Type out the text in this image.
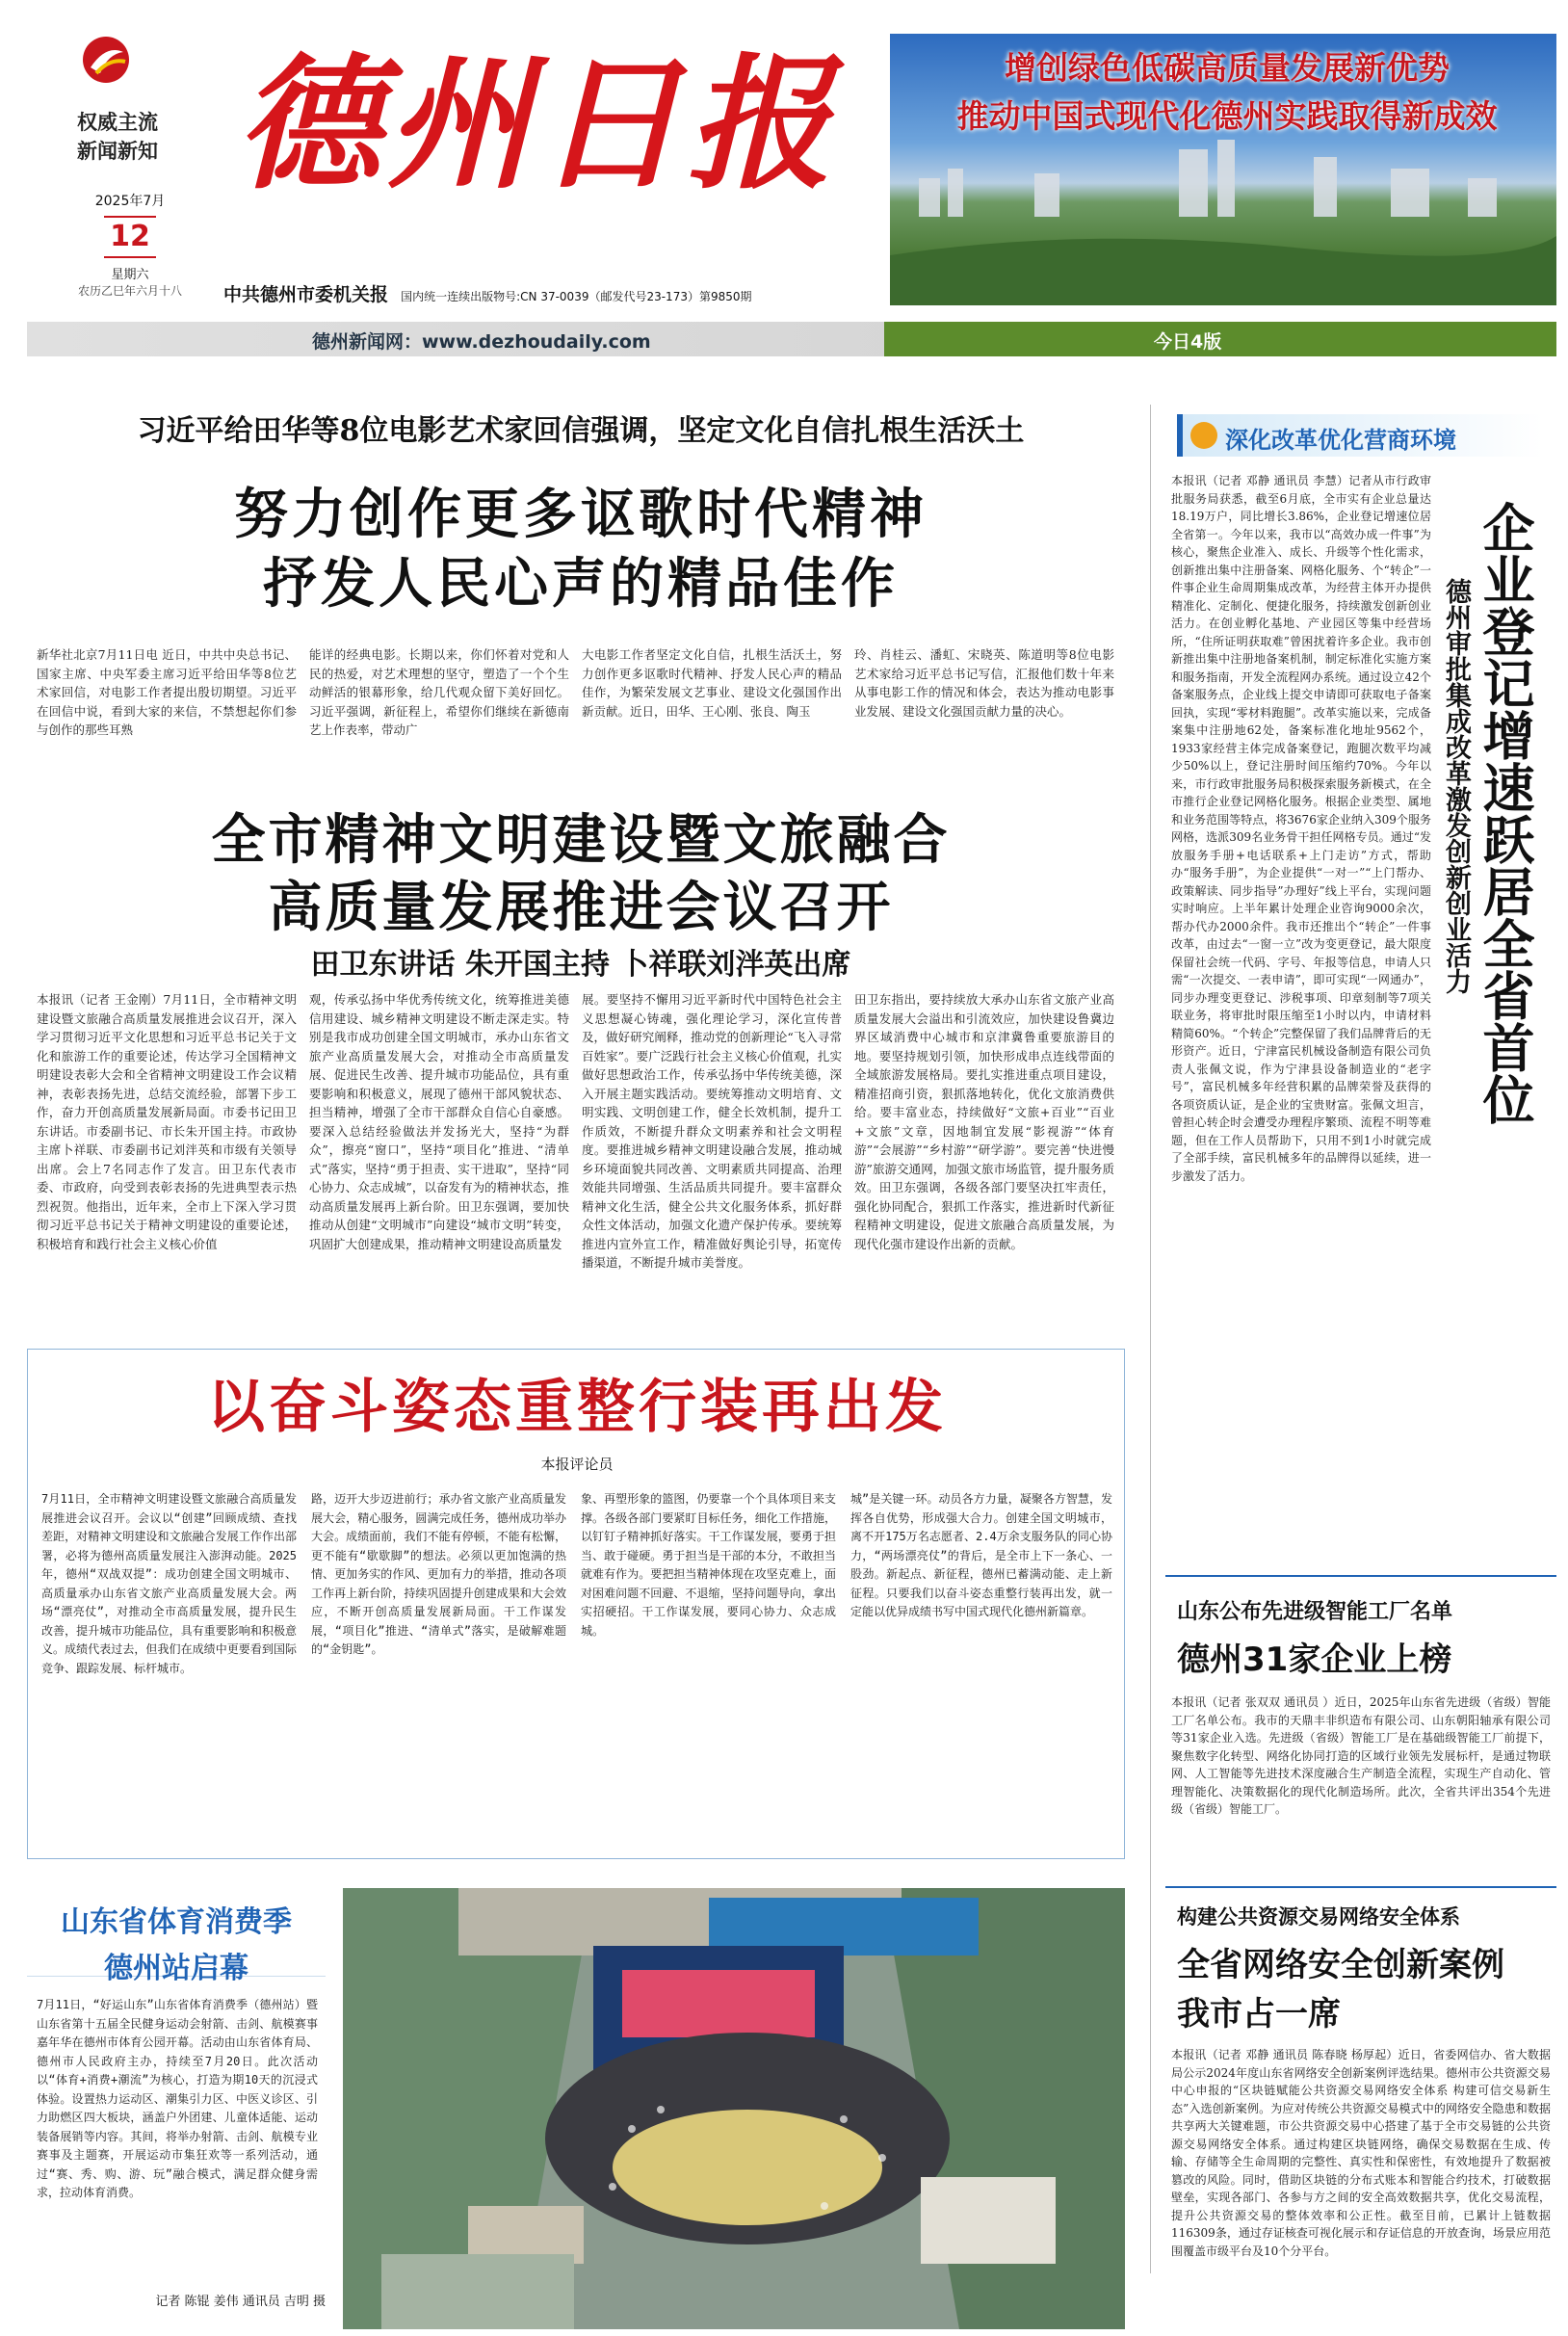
权威主流
新闻新知 德州日报
2025年7月
12
星期六
农历乙巳年六月十八	中共德州市委机关报 国内统一连续出版物号:CN 37-0039（邮发代号23-173）第9850期
增创绿色低碳高质量发展新优势
推动中国式现代化德州实践取得新成效
德州新闻网：www.dezhoudaily.com	今日4版
习近平给田华等8位电影艺术家回信强调，坚定文化自信扎根生活沃土
努力创作更多讴歌时代精神
抒发人民心声的精品佳作
新华社北京7月11日电 近日，中共中央总书记、国家主席、中央军委主席习近平给田华等8位艺术家回信，对电影工作者提出殷切期望。习近平在回信中说，看到大家的来信，不禁想起你们参与创作的那些耳熟
能详的经典电影。长期以来，你们怀着对党和人民的热爱，对艺术理想的坚守，塑造了一个个生动鲜活的银幕形象，给几代观众留下美好回忆。习近平强调，新征程上，希望你们继续在新德南艺上作表率，带动广
大电影工作者坚定文化自信，扎根生活沃土，努力创作更多讴歌时代精神、抒发人民心声的精品佳作，为繁荣发展文艺事业、建设文化强国作出新贡献。近日，田华、王心刚、张良、陶玉
玲、肖桂云、潘虹、宋晓英、陈道明等8位电影艺术家给习近平总书记写信，汇报他们数十年来从事电影工作的情况和体会，表达为推动电影事业发展、建设文化强国贡献力量的决心。
全市精神文明建设暨文旅融合
高质量发展推进会议召开
田卫东讲话 朱开国主持 卜祥联刘泮英出席
本报讯（记者 王金刚）7月11日，全市精神文明建设暨文旅融合高质量发展推进会议召开，深入学习贯彻习近平文化思想和习近平总书记关于文化和旅游工作的重要论述，传达学习全国精神文明建设表彰大会和全省精神文明建设工作会议精神，表彰表扬先进，总结交流经验，部署下步工作，奋力开创高质量发展新局面。市委书记田卫东讲话。市委副书记、市长朱开国主持。市政协主席卜祥联、市委副书记刘泮英和市级有关领导出席。会上7名同志作了发言。田卫东代表市委、市政府，向受到表彰表扬的先进典型表示热烈祝贺。他指出，近年来，全市上下深入学习贯彻习近平总书记关于精神文明建设的重要论述，积极培育和践行社会主义核心价值
观，传承弘扬中华优秀传统文化，统筹推进美德信用建设、城乡精神文明建设不断走深走实。特别是我市成功创建全国文明城市，承办山东省文旅产业高质量发展大会，对推动全市高质量发展、促进民生改善、提升城市功能品位，具有重要影响和积极意义，展现了德州干部风貌状态、担当精神，增强了全市干部群众自信心自豪感。要深入总结经验做法并发扬光大，坚持“为群众”，擦亮“窗口”，坚持“项目化”推进、“清单式”落实，坚持“勇于担责、实干进取”，坚持“同心协力、众志成城”，以奋发有为的精神状态，推动高质量发展再上新台阶。田卫东强调，要加快推动从创建“文明城市”向建设“城市文明”转变，巩固扩大创建成果，推动精神文明建设高质量发
展。要坚持不懈用习近平新时代中国特色社会主义思想凝心铸魂，强化理论学习，深化宣传普及，做好研究阐释，推动党的创新理论“飞入寻常百姓家”。要广泛践行社会主义核心价值观，扎实做好思想政治工作，传承弘扬中华传统美德，深入开展主题实践活动。要统筹推动文明培育、文明实践、文明创建工作，健全长效机制，提升工作质效，不断提升群众文明素养和社会文明程度。要推进城乡精神文明建设融合发展，推动城乡环境面貌共同改善、文明素质共同提高、治理效能共同增强、生活品质共同提升。要丰富群众精神文化生活，健全公共文化服务体系，抓好群众性文体活动，加强文化遗产保护传承。要统筹推进内宣外宣工作，精准做好舆论引导，拓宽传播渠道，不断提升城市美誉度。
田卫东指出，要持续放大承办山东省文旅产业高质量发展大会溢出和引流效应，加快建设鲁冀边界区域消费中心城市和京津冀鲁重要旅游目的地。要坚持规划引领，加快形成串点连线带面的全域旅游发展格局。要扎实推进重点项目建设，精准招商引资，狠抓落地转化，优化文旅消费供给。要丰富业态，持续做好“文旅+百业”“百业+文旅”文章，因地制宜发展“影视游”“体育游”“会展游”“乡村游”“研学游”。要完善“快进慢游”旅游交通网，加强文旅市场监管，提升服务质效。田卫东强调，各级各部门要坚决扛牢责任，强化协同配合，狠抓工作落实，推进新时代新征程精神文明建设，促进文旅融合高质量发展，为现代化强市建设作出新的贡献。
以奋斗姿态重整行装再出发
本报评论员
7月11日，全市精神文明建设暨文旅融合高质量发展推进会议召开。会议以“创建”回顾成绩、查找差距，对精神文明建设和文旅融合发展工作作出部署，必将为德州高质量发展注入澎湃动能。2025年，德州“双战双提”：成功创建全国文明城市、高质量承办山东省文旅产业高质量发展大会。两场“漂亮仗”，对推动全市高质量发展，提升民生改善，提升城市功能品位，具有重要影响和积极意义。成绩代表过去，但我们在成绩中更要看到国际竞争、跟踪发展、标杆城市。
路，迈开大步迈进前行；承办省文旅产业高质量发展大会，精心服务，圆满完成任务，德州成功举办大会。成绩面前，我们不能有停顿，不能有松懈，更不能有“歇歇脚”的想法。必须以更加饱满的热情、更加务实的作风、更加有力的举措，推动各项工作再上新台阶，持续巩固提升创建成果和大会效应，不断开创高质量发展新局面。干工作谋发展，“项目化”推进、“清单式”落实，是破解难题的“金钥匙”。
象、再塑形象的篮图，仍要靠一个个具体项目来支撑。各级各部门要紧盯目标任务，细化工作措施，以钉钉子精神抓好落实。干工作谋发展，要勇于担当、敢于碰硬。勇于担当是干部的本分，不敢担当就难有作为。要把担当精神体现在攻坚克难上，面对困难问题不回避、不退缩，坚持问题导向，拿出实招硬招。干工作谋发展，要同心协力、众志成城。
城”是关键一环。动员各方力量，凝聚各方智慧，发挥各自优势，形成强大合力。创建全国文明城市，离不开175万名志愿者、2.4万余支服务队的同心协力，“两场漂亮仗”的背后，是全市上下一条心、一股劲。新起点、新征程，德州已蓄满动能、走上新征程。只要我们以奋斗姿态重整行装再出发，就一定能以优异成绩书写中国式现代化德州新篇章。
山东省体育消费季
德州站启幕
7月11日，“好运山东”山东省体育消费季（德州站）暨山东省第十五届全民健身运动会射箭、击剑、航模赛事嘉年华在德州市体育公园开幕。活动由山东省体育局、德州市人民政府主办，持续至7月20日。此次活动以“体育+消费+潮流”为核心，打造为期10天的沉浸式体验。设置热力运动区、潮集引力区、中医义诊区、引力助燃区四大板块，涵盖户外团建、儿童体适能、运动装备展销等内容。其间，将举办射箭、击剑、航模专业赛事及主题赛，开展运动市集狂欢等一系列活动，通过“赛、秀、购、游、玩”融合模式，满足群众健身需求，拉动体育消费。
记者 陈锟 姜伟 通讯员 吉明 摄
深化改革优化营商环境
本报讯（记者 邓静 通讯员 李慧）记者从市行政审批服务局获悉，截至6月底，全市实有企业总量达18.19万户，同比增长3.86%，企业登记增速位居全省第一。今年以来，我市以“高效办成一件事”为核心，聚焦企业准入、成长、升级等个性化需求，创新推出集中注册备案、网格化服务、个“转企”一件事企业生命周期集成改革，为经营主体开办提供精准化、定制化、便捷化服务，持续激发创新创业活力。在创业孵化基地、产业园区等集中经营场所，“住所证明获取难”曾困扰着许多企业。我市创新推出集中注册地备案机制，制定标准化实施方案和服务指南，开发全流程网办系统。通过设立42个备案服务点，企业线上提交申请即可获取电子备案回执，实现“零材料跑腿”。改革实施以来，完成备案集中注册地62处，备案标准化地址9562个，1933家经营主体完成备案登记，跑腿次数平均减少50%以上，登记注册时间压缩约70%。今年以来，市行政审批服务局积极探索服务新模式，在全市推行企业登记网格化服务。根据企业类型、属地和业务范围等特点，将3676家企业纳入309个服务网格，选派309名业务骨干担任网格专员。通过“发放服务手册+电话联系+上门走访”方式，帮助办“服务手册”，为企业提供“一对一”“上门帮办、政策解读、同步指导”办理好”线上平台，实现问题实时响应。上半年累计处理企业咨询9000余次，帮办代办2000余件。我市还推出个“转企”一件事改革，由过去“一窗一立”改为变更登记，最大限度保留社会统一代码、字号、年报等信息，申请人只需“一次提交、一表申请”，即可实现“一网通办”，同步办理变更登记、涉税事项、印章刻制等7项关联业务，将审批时限压缩至1小时以内，申请材料精简60%。“个转企”完整保留了我们品牌背后的无形资产。近日，宁津富民机械设备制造有限公司负责人张佩文说，作为宁津县设备制造业的“老字号”，富民机械多年经营积累的品牌荣誉及获得的各项资质认证，是企业的宝贵财富。张佩文坦言，曾担心转企时会遭受办理程序繁琐、流程不明等难题，但在工作人员帮助下，只用不到1小时就完成了全部手续，富民机械多年的品牌得以延续，进一步激发了活力。
企业登记增速跃居全省首位
德州审批集成改革激发创新创业活力
山东公布先进级智能工厂名单
德州31家企业上榜
本报讯（记者 张双双 通讯员 ）近日，2025年山东省先进级（省级）智能工厂名单公布。我市的天鼎丰非织造布有限公司、山东朝阳轴承有限公司等31家企业入选。先进级（省级）智能工厂是在基础级智能工厂前提下，聚焦数字化转型、网络化协同打造的区域行业领先发展标杆，是通过物联网、人工智能等先进技术深度融合生产制造全流程，实现生产自动化、管理智能化、决策数据化的现代化制造场所。此次，全省共评出354个先进级（省级）智能工厂。
构建公共资源交易网络安全体系
全省网络安全创新案例
我市占一席
本报讯（记者 邓静 通讯员 陈春晓 杨厚起）近日，省委网信办、省大数据局公示2024年度山东省网络安全创新案例评选结果。德州市公共资源交易中心申报的“区块链赋能公共资源交易网络安全体系 构建可信交易新生态”入选创新案例。为应对传统公共资源交易模式中的网络安全隐患和数据共享两大关键难题，市公共资源交易中心搭建了基于全市交易链的公共资源交易网络安全体系。通过构建区块链网络，确保交易数据在生成、传输、存储等全生命周期的完整性、真实性和保密性，有效地提升了数据被篡改的风险。同时，借助区块链的分布式账本和智能合约技术，打破数据壁垒，实现各部门、各参与方之间的安全高效数据共享，优化交易流程，提升公共资源交易的整体效率和公正性。截至目前，已累计上链数据116309条，通过存证核查可视化展示和存证信息的开放查询，场景应用范围覆盖市级平台及10个分平台。
